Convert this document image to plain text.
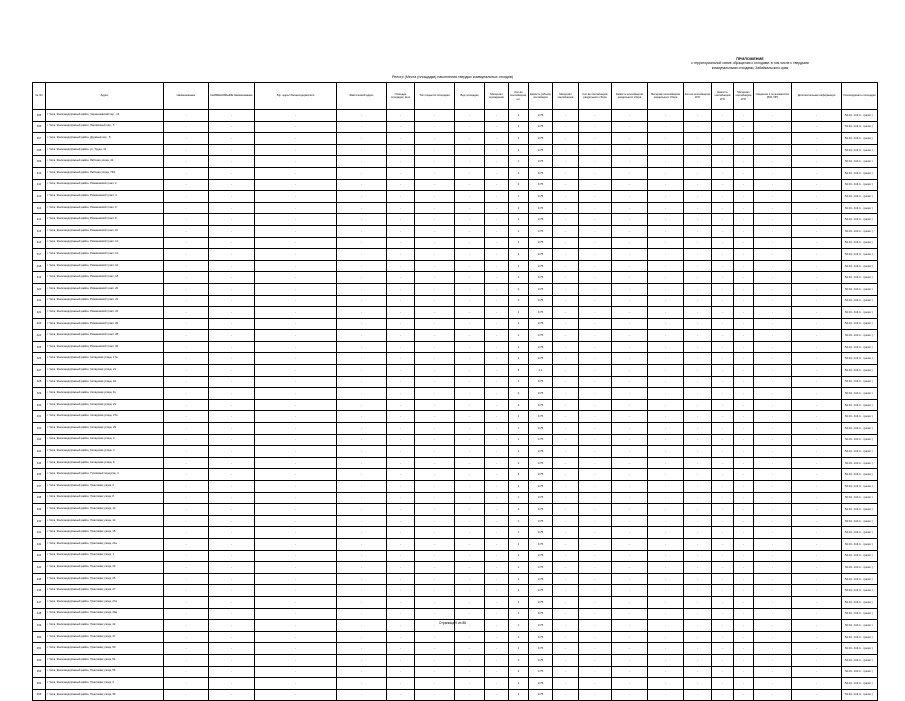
ПРИЛОЖЕНИЕ
к территориальной схеме обращения с отходами, в том числе с твердыми
коммунальными отходами, Забайкальского края
Реестр (Места (площадки) накопления твердых коммунальных отходов)
№ п/п	Адрес	Наименование	НАИМЕНОВАНИЕ Наименование	Юр. адрес балансодержателя	Фактический адрес	Площадь площадки, кв.м	Тип покрытия площадки	Вид площадки	Материал ограждения	Кол-во контейнеров, шт.	Емкость (объем) контейнера	Материал контейнеров	Кол-во контейнеров раздельного сбора	Емкость контейнеров раздельного сбора	Материал контейнеров раздельного сбора	Кол-во контейнеров КГО	Емкость контейнеров КГО	Материал контейнеров КГО	Сведения о пользователях (ЮЛ, ИП)	Дополнительная информация	Геокоординаты площадки
405	г. Чита, Железнодорожный район, Чернышевский пер., 14	-	-	-	-	-	-	-	-	1	0.75	-	-	-	-	-	-	-	-	-	52.04...113.4... (нечит.)
406	г. Чита, Железнодорожный район, Паровозный пер., 5	-	-	-	-	-	-	-	-	1	0.75	-	-	-	-	-	-	-	-	-	52.04...113.4... (нечит.)
407	г. Чита, Железнодорожный район, Дружный пер., 8	-	-	-	-	-	-	-	-	1	0.75	-	-	-	-	-	-	-	-	-	52.04...113.4... (нечит.)
408	г. Чита, Железнодорожный район, ул. Труда, 12	-	-	-	-	-	-	-	-	1	0.75	-	-	-	-	-	-	-	-	-	52.04...113.4... (нечит.)
409	г. Чита, Железнодорожный район, Рабочая улица, 42	-	-	-	-	-	-	-	-	1	0.75	-	-	-	-	-	-	-	-	-	52.04...113.4... (нечит.)
410	г. Чита, Железнодорожный район, Рабочая улица, 76/1	-	-	-	-	-	-	-	-	1	0.75	-	-	-	-	-	-	-	-	-	52.04...113.4... (нечит.)
411	г. Чита, Железнодорожный район, Романовский тракт, 2	-	-	-	-	-	-	-	-	4	0.75	-	-	-	-	-	-	-	-	-	52.04...113.4... (нечит.)
412	г. Чита, Железнодорожный район, Романовский тракт, 4	-	-	-	-	-	-	-	-	1	0.75	-	-	-	-	-	-	-	-	-	52.04...113.4... (нечит.)
413	г. Чита, Железнодорожный район, Романовский тракт, 6	-	-	-	-	-	-	-	-	2	0.75	-	-	-	-	-	-	-	-	-	52.04...113.4... (нечит.)
414	г. Чита, Железнодорожный район, Романовский тракт, 8	-	-	-	-	-	-	-	-	1	0.75	-	-	-	-	-	-	-	-	-	52.04...113.4... (нечит.)
415	г. Чита, Железнодорожный район, Романовский тракт, 10	-	-	-	-	-	-	-	-	1	0.75	-	-	-	-	-	-	-	-	-	52.04...113.4... (нечит.)
416	г. Чита, Железнодорожный район, Романовский тракт, 12	-	-	-	-	-	-	-	-	1	0.75	-	-	-	-	-	-	-	-	-	52.04...113.4... (нечит.)
417	г. Чита, Железнодорожный район, Романовский тракт, 14	-	-	-	-	-	-	-	-	1	0.75	-	-	-	-	-	-	-	-	-	52.04...113.4... (нечит.)
418	г. Чита, Железнодорожный район, Романовский тракт, 16	-	-	-	-	-	-	-	-	1	0.75	-	-	-	-	-	-	-	-	-	52.04...113.4... (нечит.)
419	г. Чита, Железнодорожный район, Романовский тракт, 18	-	-	-	-	-	-	-	-	1	0.75	-	-	-	-	-	-	-	-	-	52.04...113.4... (нечит.)
420	г. Чита, Железнодорожный район, Романовский тракт, 20	-	-	-	-	-	-	-	-	2	0.75	-	-	-	-	-	-	-	-	-	52.04...113.4... (нечит.)
421	г. Чита, Железнодорожный район, Романовский тракт, 22	-	-	-	-	-	-	-	-	2	0.75	-	-	-	-	-	-	-	-	-	52.04...113.4... (нечит.)
422	г. Чита, Железнодорожный район, Романовский тракт, 24	-	-	-	-	-	-	-	-	1	0.75	-	-	-	-	-	-	-	-	-	52.04...113.4... (нечит.)
423	г. Чита, Железнодорожный район, Романовский тракт, 26	-	-	-	-	-	-	-	-	1	0.75	-	-	-	-	-	-	-	-	-	52.04...113.4... (нечит.)
424	г. Чита, Железнодорожный район, Романовский тракт, 28	-	-	-	-	-	-	-	-	1	0.75	-	-	-	-	-	-	-	-	-	52.04...113.4... (нечит.)
425	г. Чита, Железнодорожный район, Романовский тракт, 30	-	-	-	-	-	-	-	-	1	0.75	-	-	-	-	-	-	-	-	-	52.04...113.4... (нечит.)
426	г. Чита, Железнодорожный район, Складская улица, 17а	-	-	-	-	-	-	-	-	1	0.75	-	-	-	-	-	-	-	-	-	52.04...113.4... (нечит.)
427	г. Чита, Железнодорожный район, Складская улица, 21	-	-	-	-	-	-	-	-	5	1,1	-	-	-	-	-	-	-	-	-	52.04...113.4... (нечит.)
428	г. Чита, Железнодорожный район, Складская улица, 19	-	-	-	-	-	-	-	-	1	0.75	-	-	-	-	-	-	-	-	-	52.04...113.4... (нечит.)
429	г. Чита, Железнодорожный район, Складская улица, 11	-	-	-	-	-	-	-	-	2	0.75	-	-	-	-	-	-	-	-	-	52.04...113.4... (нечит.)
430	г. Чита, Железнодорожный район, Складская улица, 23	-	-	-	-	-	-	-	-	2	0.75	-	-	-	-	-	-	-	-	-	52.04...113.4... (нечит.)
431	г. Чита, Железнодорожный район, Складская улица, 27а	-	-	-	-	-	-	-	-	1	0.75	-	-	-	-	-	-	-	-	-	52.04...113.4... (нечит.)
432	г. Чита, Железнодорожный район, Складская улица, 29	-	-	-	-	-	-	-	-	1	0.75	-	-	-	-	-	-	-	-	-	52.04...113.4... (нечит.)
433	г. Чита, Железнодорожный район, Складская улица, 2	-	-	-	-	-	-	-	-	1	0.75	-	-	-	-	-	-	-	-	-	52.04...113.4... (нечит.)
434	г. Чита, Железнодорожный район, Складская улица, 4	-	-	-	-	-	-	-	-	1	0.75	-	-	-	-	-	-	-	-	-	52.04...113.4... (нечит.)
435	г. Чита, Железнодорожный район, Складская улица, 8	-	-	-	-	-	-	-	-	2	0.75	-	-	-	-	-	-	-	-	-	52.04...113.4... (нечит.)
436	г. Чита, Железнодорожный район, Тупиковый переулок, 4	-	-	-	-	-	-	-	-	4	0.75	-	-	-	-	-	-	-	-	-	52.04...113.4... (нечит.)
437	г. Чита, Железнодорожный район, Трактовая улица, 2	-	-	-	-	-	-	-	-	1	0.75	-	-	-	-	-	-	-	-	-	52.04...113.4... (нечит.)
438	г. Чита, Железнодорожный район, Трактовая улица, 8	-	-	-	-	-	-	-	-	1	0.75	-	-	-	-	-	-	-	-	-	52.04...113.4... (нечит.)
439	г. Чита, Железнодорожный район, Трактовая улица, 12	-	-	-	-	-	-	-	-	2	0.75	-	-	-	-	-	-	-	-	-	52.04...113.4... (нечит.)
440	г. Чита, Железнодорожный район, Трактовая улица, 14	-	-	-	-	-	-	-	-	1	0.75	-	-	-	-	-	-	-	-	-	52.04...113.4... (нечит.)
441	г. Чита, Железнодорожный район, Трактовая улица, 18	-	-	-	-	-	-	-	-	1	0.75	-	-	-	-	-	-	-	-	-	52.04...113.4... (нечит.)
442	г. Чита, Железнодорожный район, Трактовая улица, 21а	-	-	-	-	-	-	-	-	1	0.75	-	-	-	-	-	-	-	-	-	52.04...113.4... (нечит.)
443	г. Чита, Железнодорожный район, Трактовая улица, 1	-	-	-	-	-	-	-	-	1	0.75	-	-	-	-	-	-	-	-	-	52.04...113.4... (нечит.)
444	г. Чита, Железнодорожный район, Трактовая улица, 23	-	-	-	-	-	-	-	-	1	0.75	-	-	-	-	-	-	-	-	-	52.04...113.4... (нечит.)
445	г. Чита, Железнодорожный район, Трактовая улица, 25	-	-	-	-	-	-	-	-	1	0.75	-	-	-	-	-	-	-	-	-	52.04...113.4... (нечит.)
446	г. Чита, Железнодорожный район, Трактовая улица, 27	-	-	-	-	-	-	-	-	1	0.75	-	-	-	-	-	-	-	-	-	52.04...113.4... (нечит.)
447	г. Чита, Железнодорожный район, Трактовая улица, 27а	-	-	-	-	-	-	-	-	1	0.75	-	-	-	-	-	-	-	-	-	52.04...113.4... (нечит.)
448	г. Чита, Железнодорожный район, Трактовая улица, 40а	-	-	-	-	-	-	-	-	1	0.75	-	-	-	-	-	-	-	-	-	52.04...113.4... (нечит.)
449	г. Чита, Железнодорожный район, Трактовая улица, 42	-	-	-	-	-	-	-	-	1	0.75	-	-	-	-	-	-	-	-	-	52.04...113.4... (нечит.)
450	г. Чита, Железнодорожный район, Трактовая улица, 47	-	-	-	-	-	-	-	-	1	0.75	-	-	-	-	-	-	-	-	-	52.04...113.4... (нечит.)
451	г. Чита, Железнодорожный район, Трактовая улица, 50	-	-	-	-	-	-	-	-	1	0.75	-	-	-	-	-	-	-	-	-	52.04...113.4... (нечит.)
452	г. Чита, Железнодорожный район, Трактовая улица, 54	-	-	-	-	-	-	-	-	2	0.75	-	-	-	-	-	-	-	-	-	52.04...113.4... (нечит.)
453	г. Чита, Железнодорожный район, Трактовая улица, 56	-	-	-	-	-	-	-	-	2	0.75	-	-	-	-	-	-	-	-	-	52.04...113.4... (нечит.)
454	г. Чита, Железнодорожный район, Трактовая улица, 2	-	-	-	-	-	-	-	-	1	0.75	-	-	-	-	-	-	-	-	-	52.04...113.4... (нечит.)
455	г. Чита, Железнодорожный район, Трактовая улица, 36	-	-	-	-	-	-	-	-	1	0.75	-	-	-	-	-	-	-	-	-	52.04...113.4... (нечит.)
Страница 9 из 86
